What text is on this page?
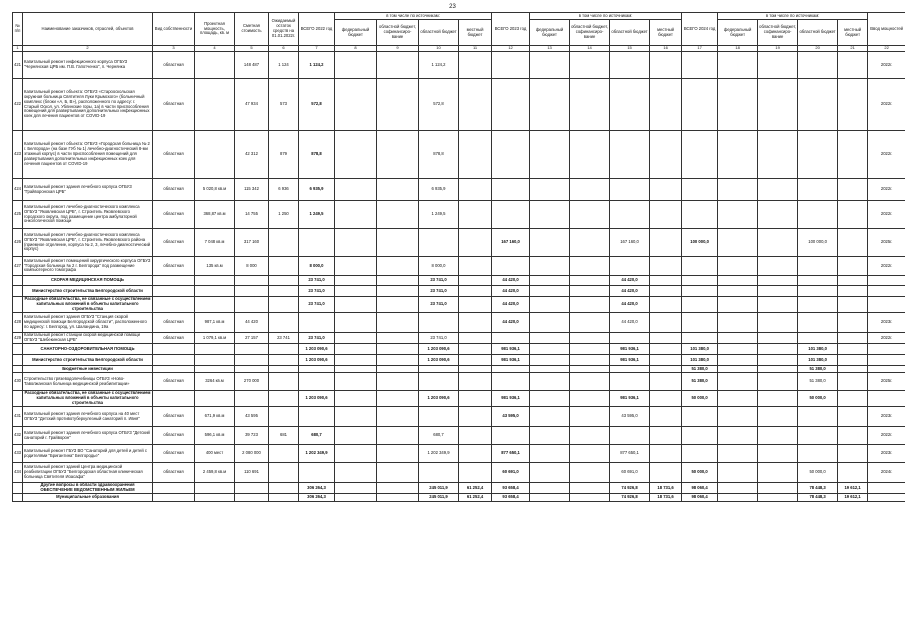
23
№ п/п	Наименование заказчиков, отраслей, объектов	Вид собственности	Проектная мощность, площадь, кв. м	Сметная стоимость	Ожидаемый остаток средств на 01.01.2022г.	ВСЕГО 2022 год	в том числе по источникам:				ВСЕГО 2023 год	в том числе по источникам:				ВСЕГО 2024 год	в том числе по источникам:				Ввод мощностей
							федеральный бюджет	областной бюджет, софинансиро-вание	областной бюджет	местный бюджет		федеральный бюджет	областной бюджет, софинансиро-вание	областной бюджет	местный бюджет		федеральный бюджет	областной бюджет, софинансиро-вание	областной бюджет	местный бюджет	
1	2	3	4	5	6	7	8	9	10	11	12	13	14	15	16	17	18	19	20	21	22
421	Капитальный ремонт инфекционного корпуса ОГБУЗ "Чернянская ЦРБ им. П.В. Гапотченко", п. Чернянка	областная		148 487	1 124	1 124,2			1 124,2												2022г.
422	Капитальный ремонт объекта: ОГБУЗ «Старооскольская окружная больница Святителя Луки Крымского» (больничный комплекс (блоки «А, Б, В»), расположенного по адресу: г. Старый Оскол, ул. Ублинские горы, 1а) в части приспособления помещений для развертывания дополнительных инфекционных коек для лечения пациентов от COVID-19	областная		47 934	573	572,8			572,8												2022г.
423	Капитальный ремонт объекта: ОГБУЗ «Городская больница № 2 г. Белгорода» (на базе ГУб № 1) лечебно-диагностический 8-ми этажный корпус) в части приспособления помещений для развертывания дополнительных инфекционных коек для лечения пациентов от COVID-19	областная		42 312	879	878,8			878,8												2022г.
424	Капитальный ремонт здания лечебного корпуса ОГБУЗ "Грайворонская ЦРБ"	областная	5 020,8 кв.м	115 342	6 936	6 935,9			6 935,9												2022г.
425	Капитальный ремонт лечебно-диагностического комплекса ОГБУЗ "Яковлевская ЦРБ", г. Строитель Яковлевского городского округа, под размещение центра амбулаторной онкологической помощи	областная	368,87 кв.м	14 755	1 250	1 249,5			1 249,5												2022г.
426	Капитальный ремонт лечебно-диагностического комплекса ОГБУЗ "Яковлевская ЦРБ", г. Строитель Яковлевского района (приемное отделение, корпуса № 2, 3, лечебно-диагностический корпус)	областная	7 048 кв.м	317 160							167 160,0			167 160,0		100 000,0			100 000,0		2025г.
427	Капитальный ремонт помещений хирургического корпуса ОГБУЗ "Городская больница № 2 г. Белгорода" под размещение компьютерного томографа	областная	135 кв.м	8 000		8 000,0			8 000,0												2022г.
	СКОРАЯ МЕДИЦИНСКАЯ ПОМОЩЬ					23 741,0			23 741,0		44 420,0			44 420,0							
	Министерство строительства Белгородской области					23 741,0			23 741,0		44 420,0			44 420,0							
	Расходные обязательства, не связанные с осуществлением капитальных вложений в объекты капитального строительства					23 741,0			23 741,0		44 420,0			44 420,0							
428	Капитальный ремонт здания ОГБУЗ "Станция скорой медицинской помощи Белгородской области", расположенного по адресу: г. Белгород, ул. Шаландина, 19а	областная	987,1 кв.м	44 420							44 420,0			44 420,0							2023г.
429	Капитальный ремонт станции скорой медицинской помощи ОГБУЗ "Шебекинская ЦРБ"	областная	1 079,1 кв.м	27 157	23 741	23 741,0			23 741,0												2022г.
	САНАТОРНО-ОЗДОРОВИТЕЛЬНАЯ ПОМОЩЬ					1 203 090,6			1 203 090,6		981 936,1			981 936,1		101 380,0			101 380,0		
	Министерство строительства Белгородской области					1 203 090,6			1 203 090,6		981 936,1			981 936,1		101 380,0			101 380,0		
	Бюджетные инвестиции															51 380,0			51 380,0		
430	Строительство грязеводолечебницы ОГБУЗ «Ново-Таволжанская больница медицинской реабилитации»	областная	3264 кв.м	270 000												51 380,0			51 380,0		2025г.
	Расходные обязательства, не связанные с осуществлением капитальных вложений в объекты капитального строительства					1 203 090,6			1 203 090,6		981 936,1			981 936,1		50 000,0			50 000,0		
431	Капитальный ремонт здания лечебного корпуса на 40 мест ОГБУЗ "Детский противотуберкулезный санаторий п. Ивня"	областная	671,9 кв.м	43 595							43 595,0			43 595,0							2023г.
432	Капитальный ремонт здания лечебного корпуса ОГБУЗ "Детский санаторий г. Грайворон"	областная	596,1 кв.м	39 723	681	680,7			680,7												2022г.
433	Капитальный ремонт ГБУЗ ВО "Санаторий для детей и детей с родителями "Бригантина" Белгородье"	областная	400 мест	2 080 000		1 202 349,9			1 202 349,9		877 650,1			877 650,1							2023г.
434	Капитальный ремонт зданий Центра медицинской реабилитации ОГБУЗ "Белгородская областная клиническая больница Святителя Иоасафа"	областная	2 459,8 кв.м	110 691							60 691,0			60 691,0		50 000,0			50 000,0		2024г.
	Другие вопросы в области здравоохранения ОБЕСПЕЧЕНИЕ ВЕДОМСТВЕННЫМ ЖИЛЬЕМ					306 264,3			245 011,9	61 252,4	93 658,4			74 926,8	18 731,6	98 060,4			78 448,3	19 612,1	
	Муниципальные образования					306 264,3			245 011,9	61 252,4	93 658,4			74 926,8	18 731,6	98 060,4			78 448,3	19 612,1	
